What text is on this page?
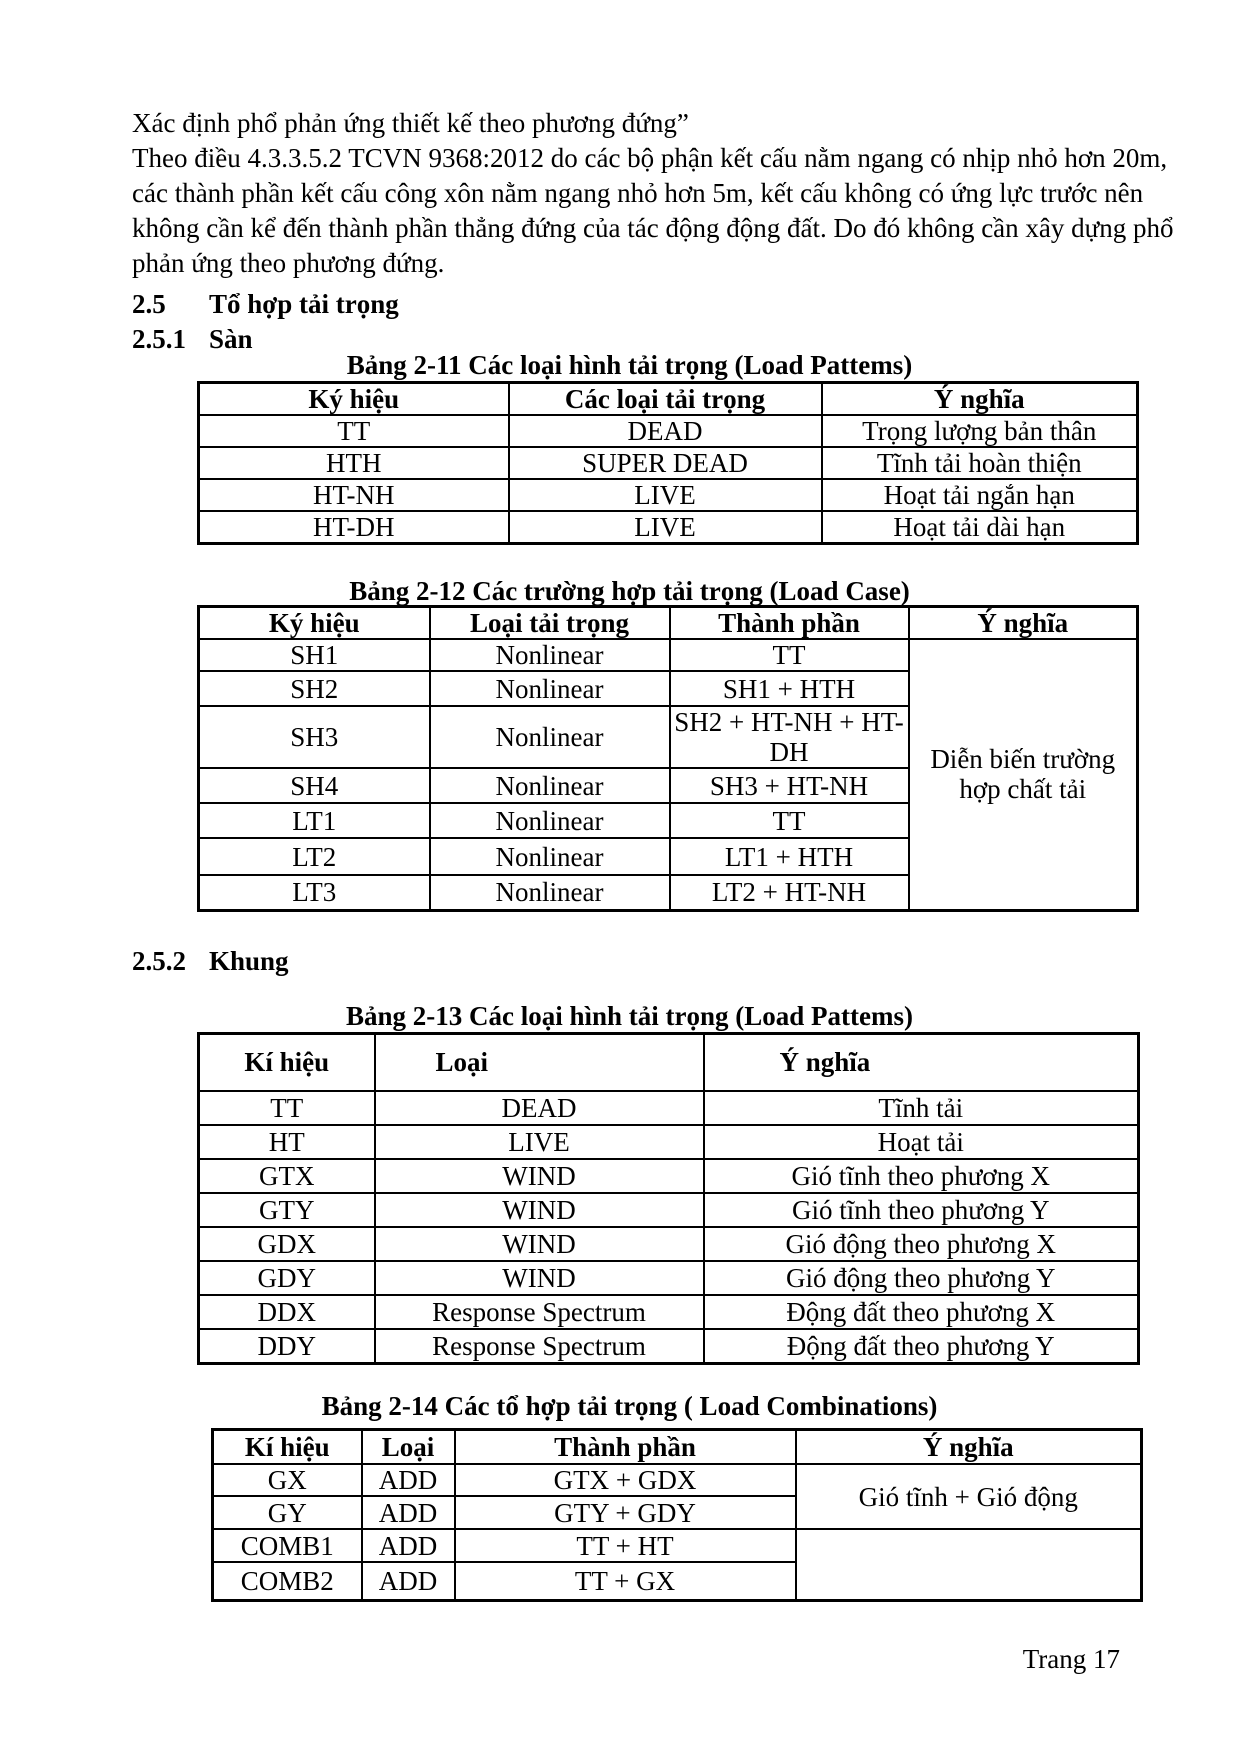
Xác định phổ phản ứng thiết kế theo phương đứng”
Theo điều 4.3.3.5.2 TCVN 9368:2012 do các bộ phận kết cấu nằm ngang có nhịp nhỏ hơn 20m,
các thành phần kết cấu công xôn nằm ngang nhỏ hơn 5m, kết cấu không có ứng lực trước nên
không cần kể đến thành phần thẳng đứng của tác động động đất. Do đó không cần xây dựng phổ
phản ứng theo phương đứng.
2.5 Tổ hợp tải trọng
2.5.1 Sàn
Bảng 2-11 Các loại hình tải trọng (Load Pattems)
Ký hiệu	Các loại tải trọng	Ý nghĩa
TT	DEAD	Trọng lượng bản thân
HTH	SUPER DEAD	Tĩnh tải hoàn thiện
HT-NH	LIVE	Hoạt tải ngắn hạn
HT-DH	LIVE	Hoạt tải dài hạn
Bảng 2-12 Các trường hợp tải trọng (Load Case)
Ký hiệu	Loại tải trọng	Thành phần	Ý nghĩa
SH1	Nonlinear	TT	Diễn biến trường hợp chất tải
SH2	Nonlinear	SH1 + HTH	
SH3	Nonlinear	SH2 + HT-NH + HT-DH	
SH4	Nonlinear	SH3 + HT-NH	
LT1	Nonlinear	TT	
LT2	Nonlinear	LT1 + HTH	
LT3	Nonlinear	LT2 + HT-NH	
2.5.2 Khung
Bảng 2-13 Các loại hình tải trọng (Load Pattems)
Kí hiệu	Loại	Ý nghĩa
TT	DEAD	Tĩnh tải
HT	LIVE	Hoạt tải
GTX	WIND	Gió tĩnh theo phương X
GTY	WIND	Gió tĩnh theo phương Y
GDX	WIND	Gió động theo phương X
GDY	WIND	Gió động theo phương Y
DDX	Response Spectrum	Động đất theo phương X
DDY	Response Spectrum	Động đất theo phương Y
Bảng 2-14 Các tổ hợp tải trọng ( Load Combinations)
Kí hiệu	Loại	Thành phần	Ý nghĩa
GX	ADD	GTX + GDX	Gió tĩnh + Gió động
GY	ADD	GTY + GDY	
COMB1	ADD	TT + HT	
COMB2	ADD	TT + GX	
Trang 17
